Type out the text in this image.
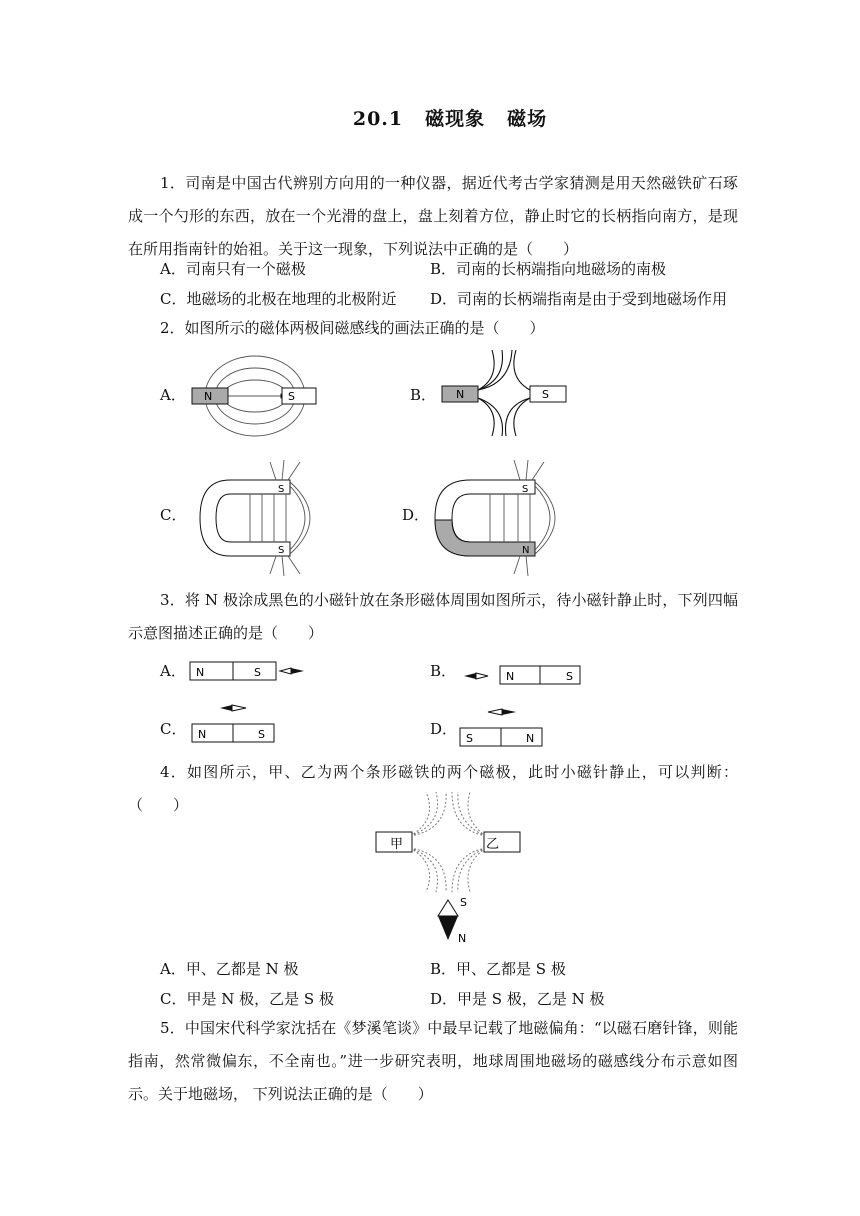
20.1 磁现象 磁场

1．司南是中国古代辨别方向用的一种仪器，据近代考古学家猜测是用天然磁铁矿石琢成一个勺形的东西，放在一个光滑的盘上，盘上刻着方位，静止时它的长柄指向南方，是现在所用指南针的始祖。关于这一现象，下列说法中正确的是（　　）

A．司南只有一个磁极	B．司南的长柄端指向地磁场的南极
C．地磁场的北极在地理的北极附近 D．司南的长柄端指南是由于受到地磁场作用

2．如图所示的磁体两极间磁感线的画法正确的是（　　）

A． N	S	B． N	S
C．
S
S
D．
S
N

3．将 N 极涂成黑色的小磁针放在条形磁体周围如图所示，待小磁针静止时，下列四幅示意图描述正确的是（　　）

A． N	S	B．	N	S
C． N	S	D．
S	N

4．如图所示，甲、乙为两个条形磁铁的两个磁极，此时小磁针静止，可以判断：（　　）

甲	乙
S
N
A．甲、乙都是 N 极	B．甲、乙都是 S 极
C．甲是 N 极，乙是 S 极	D．甲是 S 极，乙是 N 极

5．中国宋代科学家沈括在《梦溪笔谈》中最早记载了地磁偏角：“以磁石磨针锋，则能指南，然常微偏东，不全南也。”进一步研究表明，地球周围地磁场的磁感线分布示意如图示。关于地磁场， 下列说法正确的是（　　）
